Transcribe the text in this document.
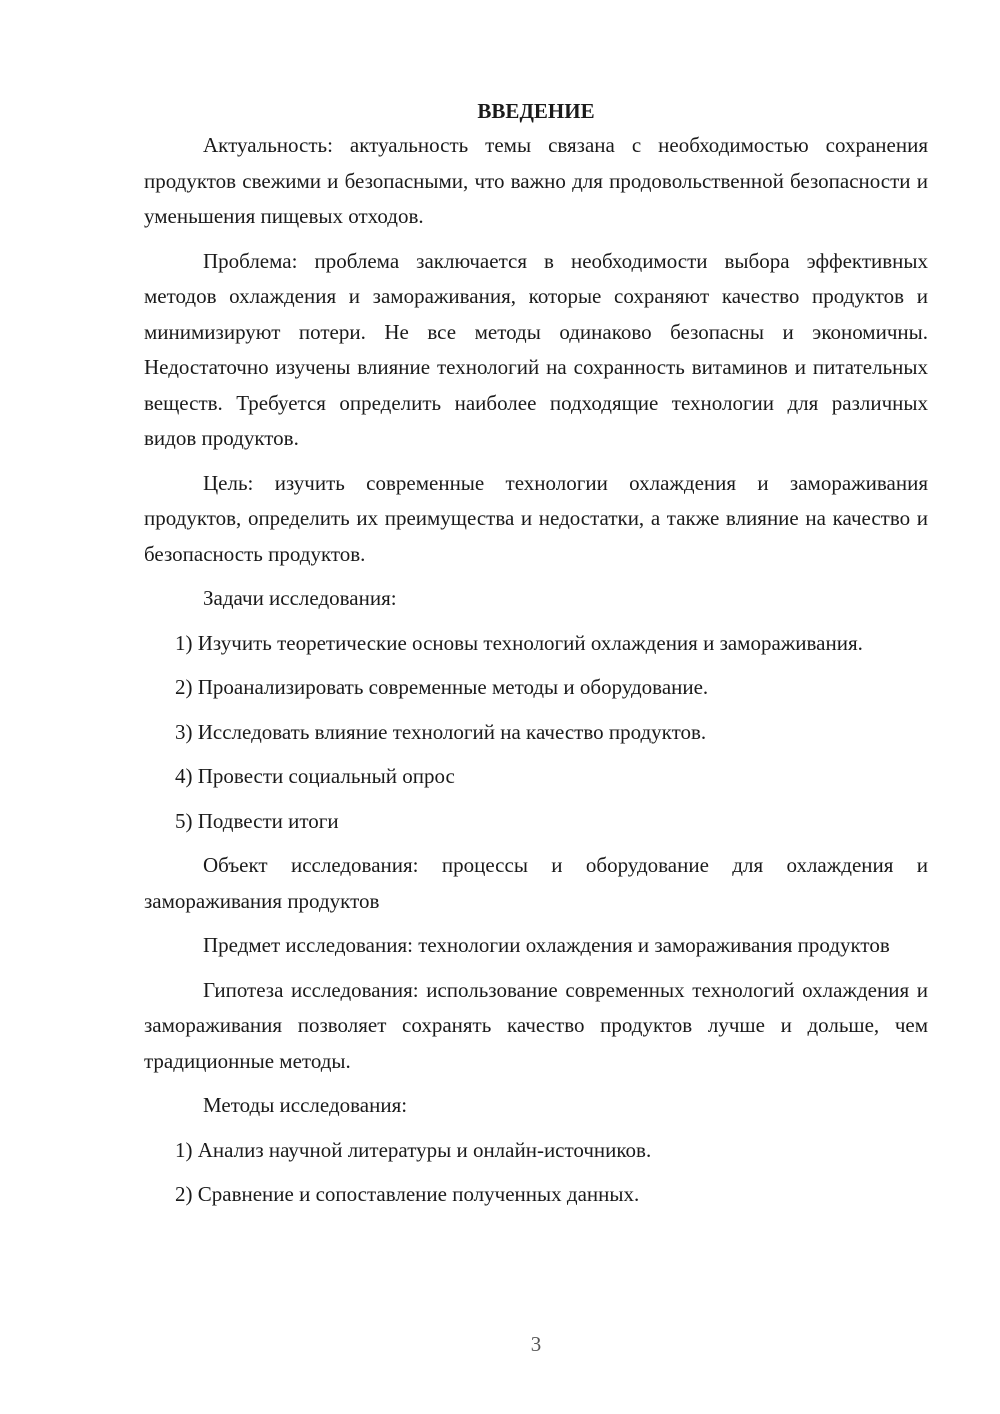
ВВЕДЕНИЕ

Актуальность: актуальность темы связана с необходимостью сохранения продуктов свежими и безопасными, что важно для продовольственной безопасности и уменьшения пищевых отходов.

Проблема: проблема заключается в необходимости выбора эффективных методов охлаждения и замораживания, которые сохраняют качество продуктов и минимизируют потери. Не все методы одинаково безопасны и экономичны. Недостаточно изучены влияние технологий на сохранность витаминов и питательных веществ. Требуется определить наиболее подходящие технологии для различных видов продуктов.

Цель: изучить современные технологии охлаждения и замораживания продуктов, определить их преимущества и недостатки, а также влияние на качество и безопасность продуктов.

Задачи исследования:

1) Изучить теоретические основы технологий охлаждения и замораживания.

2) Проанализировать современные методы и оборудование.

3) Исследовать влияние технологий на качество продуктов.

4) Провести социальный опрос

5) Подвести итоги

Объект исследования: процессы и оборудование для охлаждения и замораживания продуктов

Предмет исследования: технологии охлаждения и замораживания продуктов

Гипотеза исследования: использование современных технологий охлаждения и замораживания позволяет сохранять качество продуктов лучше и дольше, чем традиционные методы.

Методы исследования:

1) Анализ научной литературы и онлайн-источников.

2) Сравнение и сопоставление полученных данных.

3
